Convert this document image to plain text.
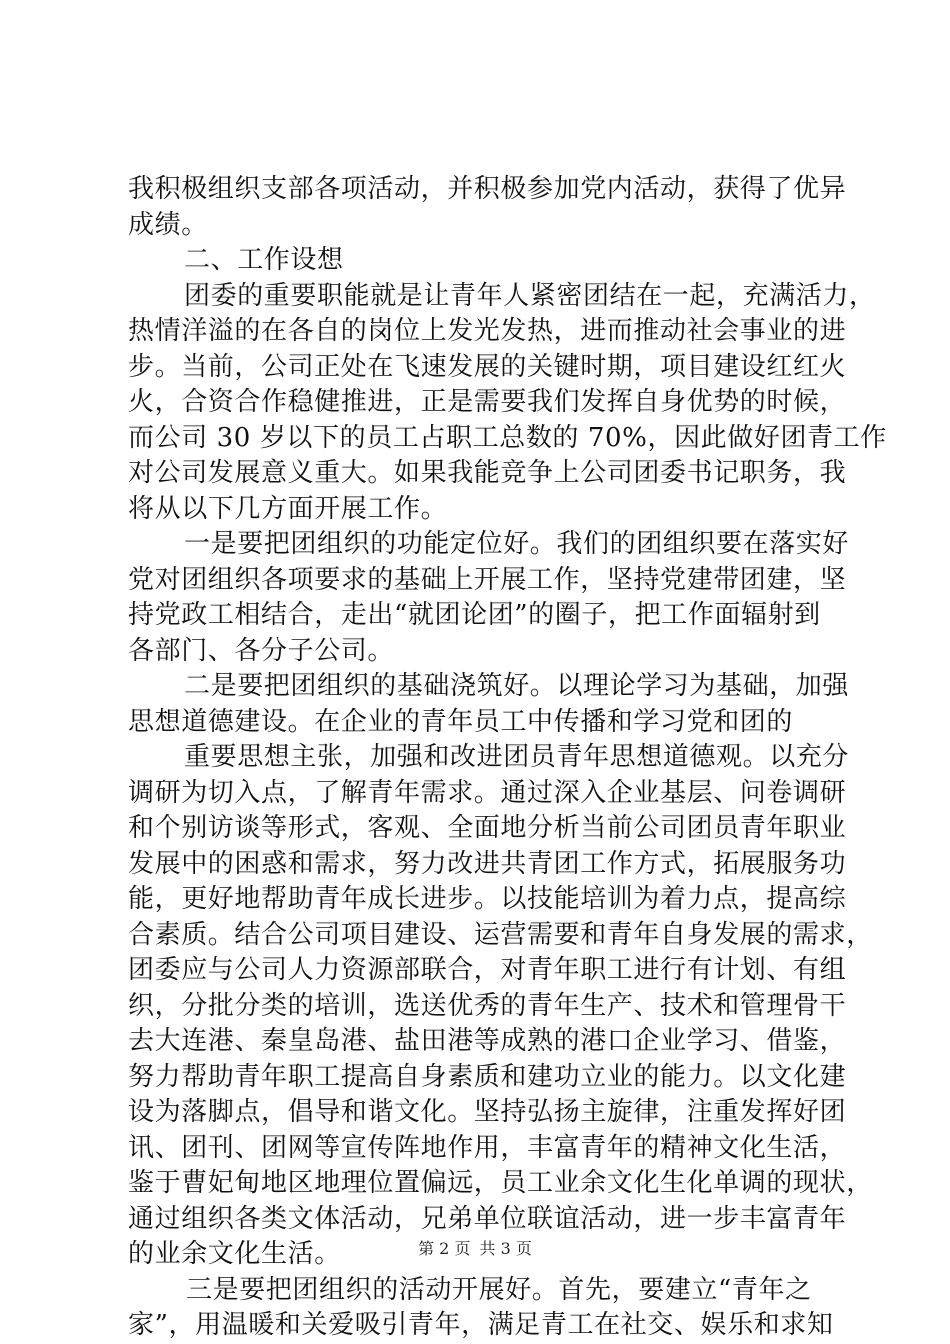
我积极组织支部各项活动，并积极参加党内活动，获得了优异
成绩。
二、工作设想
团委的重要职能就是让青年人紧密团结在一起，充满活力，
热情洋溢的在各自的岗位上发光发热，进而推动社会事业的进
步。当前，公司正处在飞速发展的关键时期，项目建设红红火
火，合资合作稳健推进，正是需要我们发挥自身优势的时候，
而公司 30 岁以下的员工占职工总数的 70%，因此做好团青工作
对公司发展意义重大。如果我能竞争上公司团委书记职务，我
将从以下几方面开展工作。
一是要把团组织的功能定位好。我们的团组织要在落实好
党对团组织各项要求的基础上开展工作，坚持党建带团建，坚
持党政工相结合，走出“就团论团”的圈子，把工作面辐射到
各部门、各分子公司。
二是要把团组织的基础浇筑好。以理论学习为基础，加强
思想道德建设。在企业的青年员工中传播和学习党和团的
重要思想主张，加强和改进团员青年思想道德观。以充分
调研为切入点，了解青年需求。通过深入企业基层、问卷调研
和个别访谈等形式，客观、全面地分析当前公司团员青年职业
发展中的困惑和需求，努力改进共青团工作方式，拓展服务功
能，更好地帮助青年成长进步。以技能培训为着力点，提高综
合素质。结合公司项目建设、运营需要和青年自身发展的需求，
团委应与公司人力资源部联合，对青年职工进行有计划、有组
织，分批分类的培训，选送优秀的青年生产、技术和管理骨干
去大连港、秦皇岛港、盐田港等成熟的港口企业学习、借鉴，
努力帮助青年职工提高自身素质和建功立业的能力。以文化建
设为落脚点，倡导和谐文化。坚持弘扬主旋律，注重发挥好团
讯、团刊、团网等宣传阵地作用，丰富青年的精神文化生活，
鉴于曹妃甸地区地理位置偏远，员工业余文化生化单调的现状，
通过组织各类文体活动，兄弟单位联谊活动，进一步丰富青年
的业余文化生活。
三是要把团组织的活动开展好。首先，要建立“青年之
家”，用温暖和关爱吸引青年，满足青工在社交、娱乐和求知
第 2 页 共 3 页
